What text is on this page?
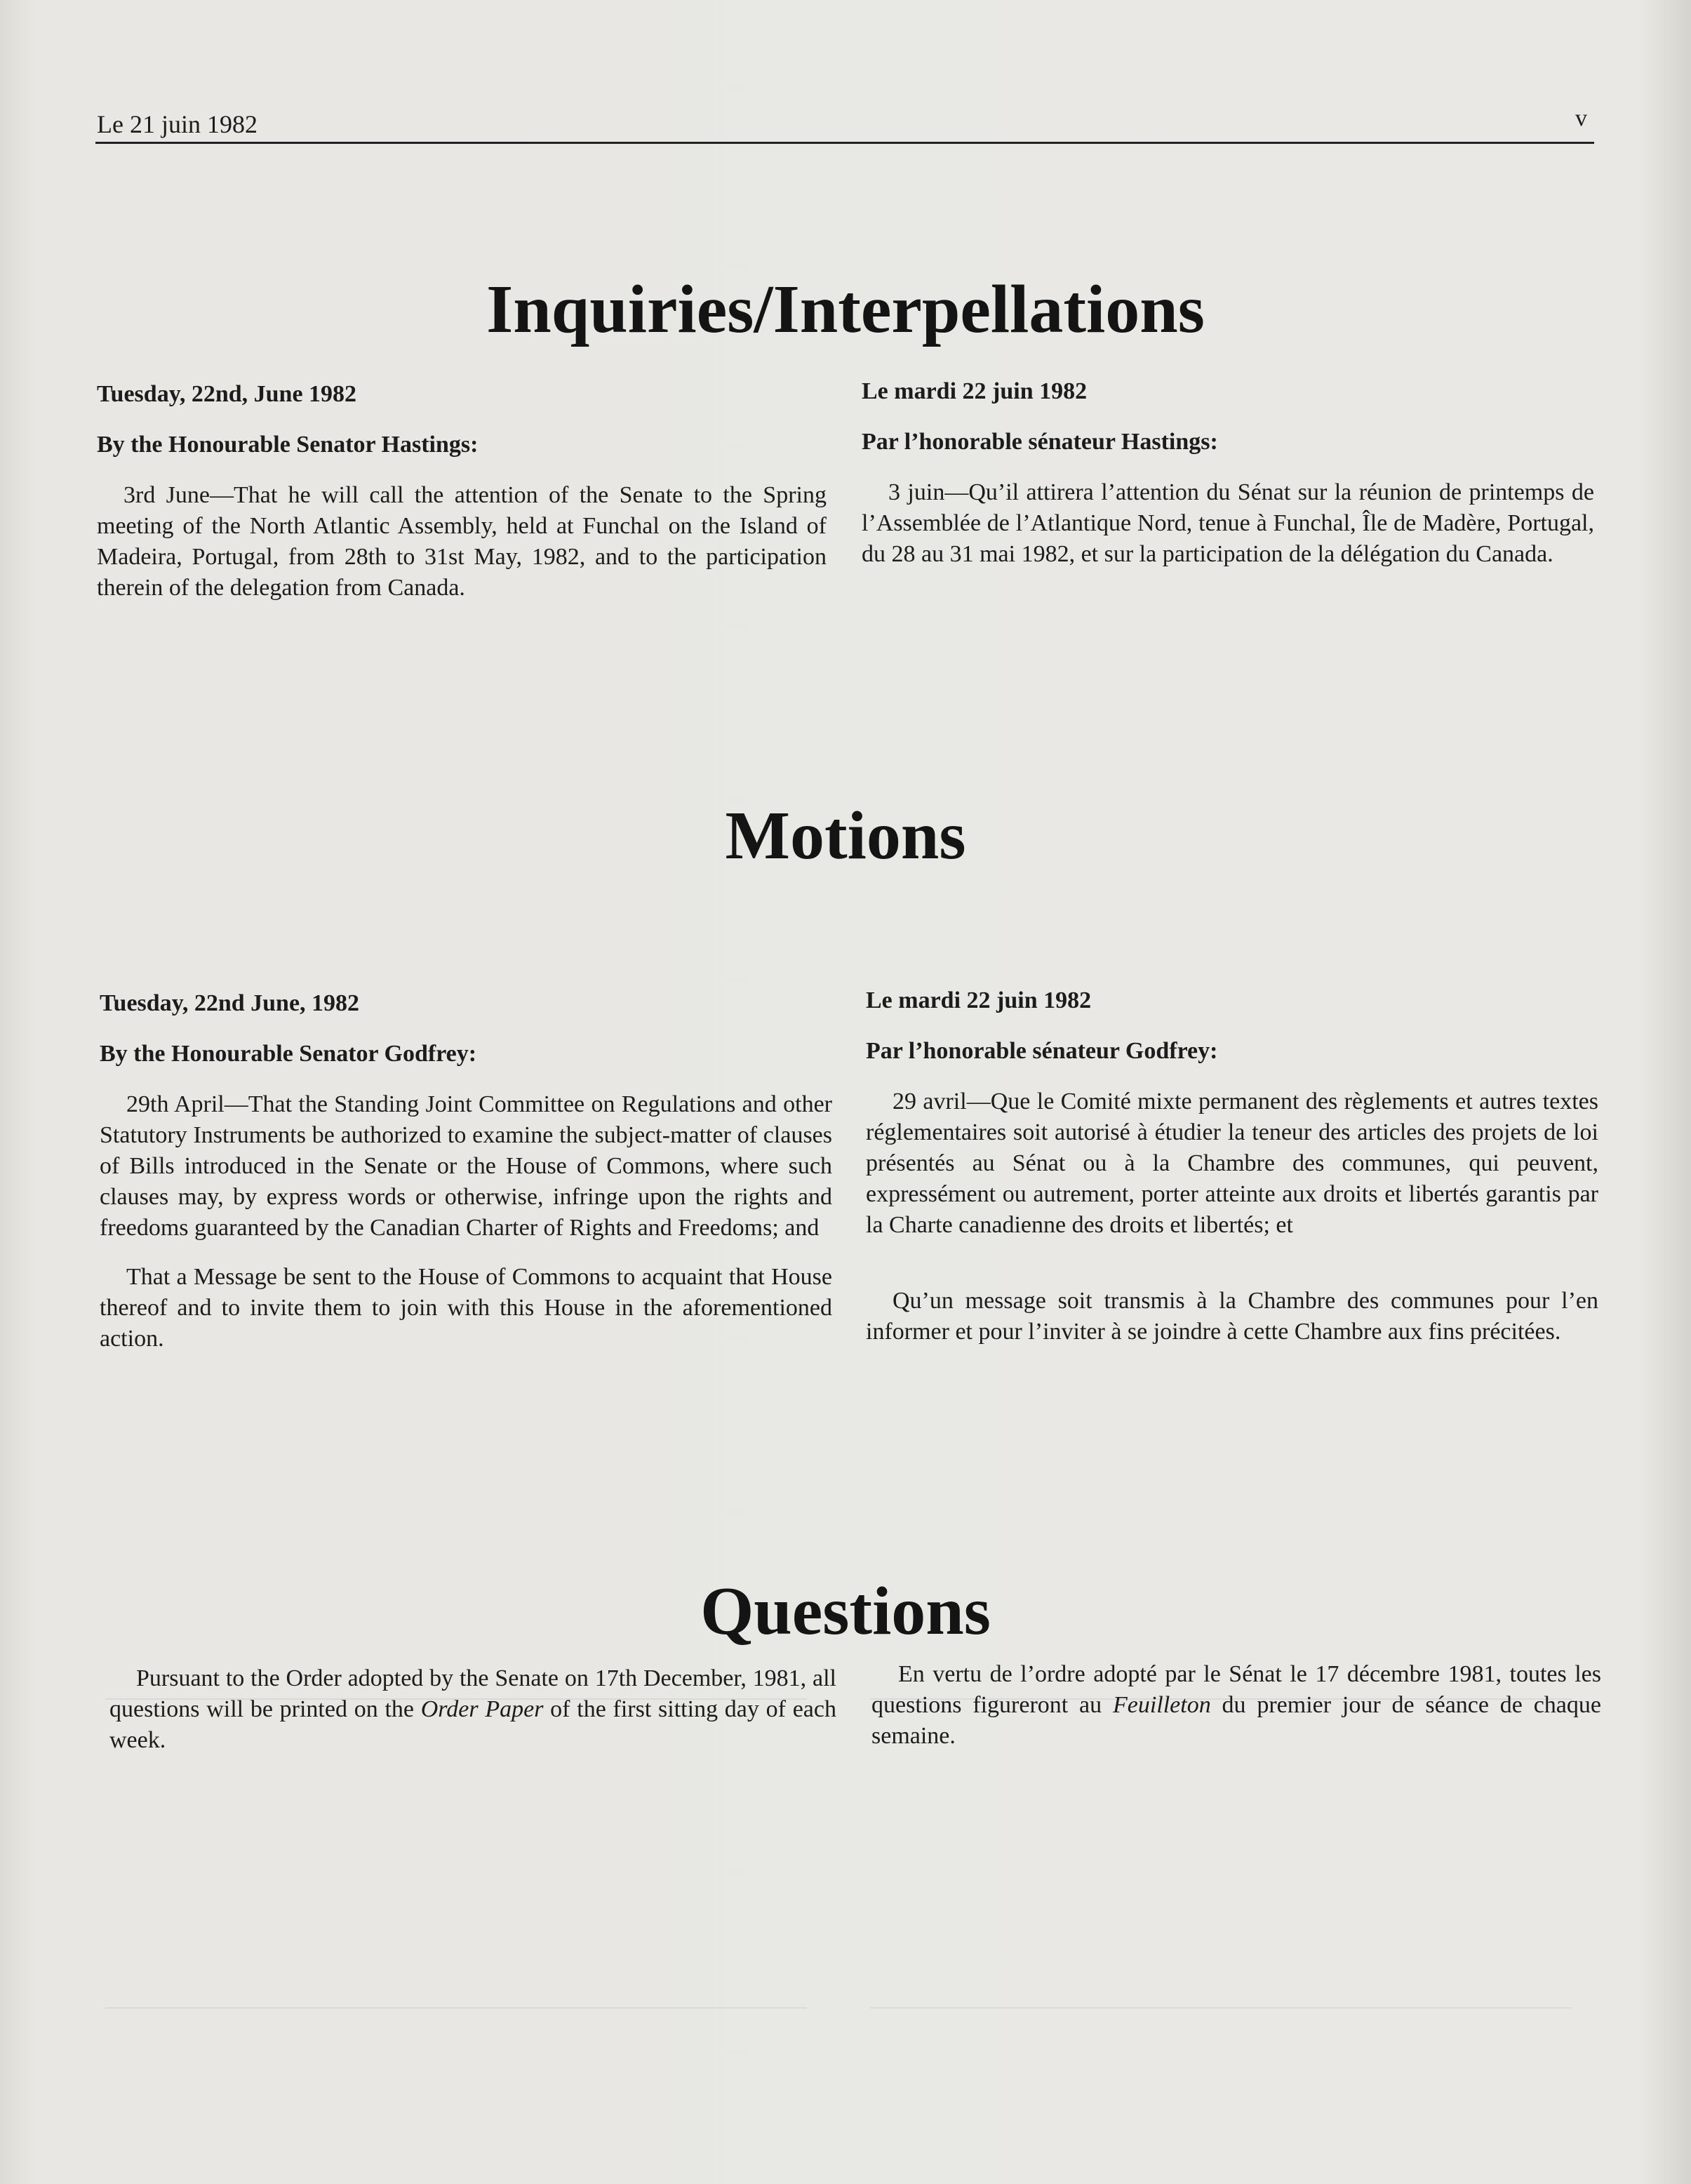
Le 21 juin 1982	v
Inquiries/Interpellations

Tuesday, 22nd, June 1982

By the Honourable Senator Hastings:

3rd June—That he will call the attention of the Senate to the Spring meeting of the North Atlantic Assembly, held at Funchal on the Island of Madeira, Portugal, from 28th to 31st May, 1982, and to the participation therein of the delegation from Canada.

Le mardi 22 juin 1982

Par l’honorable sénateur Hastings:

3 juin—Qu’il attirera l’attention du Sénat sur la réunion de printemps de l’Assemblée de l’Atlantique Nord, tenue à Funchal, Île de Madère, Portugal, du 28 au 31 mai 1982, et sur la participation de la délégation du Canada.

Motions

Tuesday, 22nd June, 1982

By the Honourable Senator Godfrey:

29th April—That the Standing Joint Committee on Regulations and other Statutory Instruments be authorized to examine the subject-matter of clauses of Bills introduced in the Senate or the House of Commons, where such clauses may, by express words or otherwise, infringe upon the rights and freedoms guaranteed by the Canadian Charter of Rights and Freedoms; and

That a Message be sent to the House of Commons to acquaint that House thereof and to invite them to join with this House in the aforementioned action.

Le mardi 22 juin 1982

Par l’honorable sénateur Godfrey:

29 avril—Que le Comité mixte permanent des règlements et autres textes réglementaires soit autorisé à étudier la teneur des articles des projets de loi présentés au Sénat ou à la Chambre des communes, qui peuvent, expressément ou autrement, porter atteinte aux droits et libertés garantis par la Charte canadienne des droits et libertés; et

Qu’un message soit transmis à la Chambre des communes pour l’en informer et pour l’inviter à se joindre à cette Chambre aux fins précitées.

Questions

Pursuant to the Order adopted by the Senate on 17th December, 1981, all questions will be printed on the Order Paper of the first sitting day of each week.

En vertu de l’ordre adopté par le Sénat le 17 décembre 1981, toutes les questions figureront au Feuilleton du premier jour de séance de chaque semaine.
